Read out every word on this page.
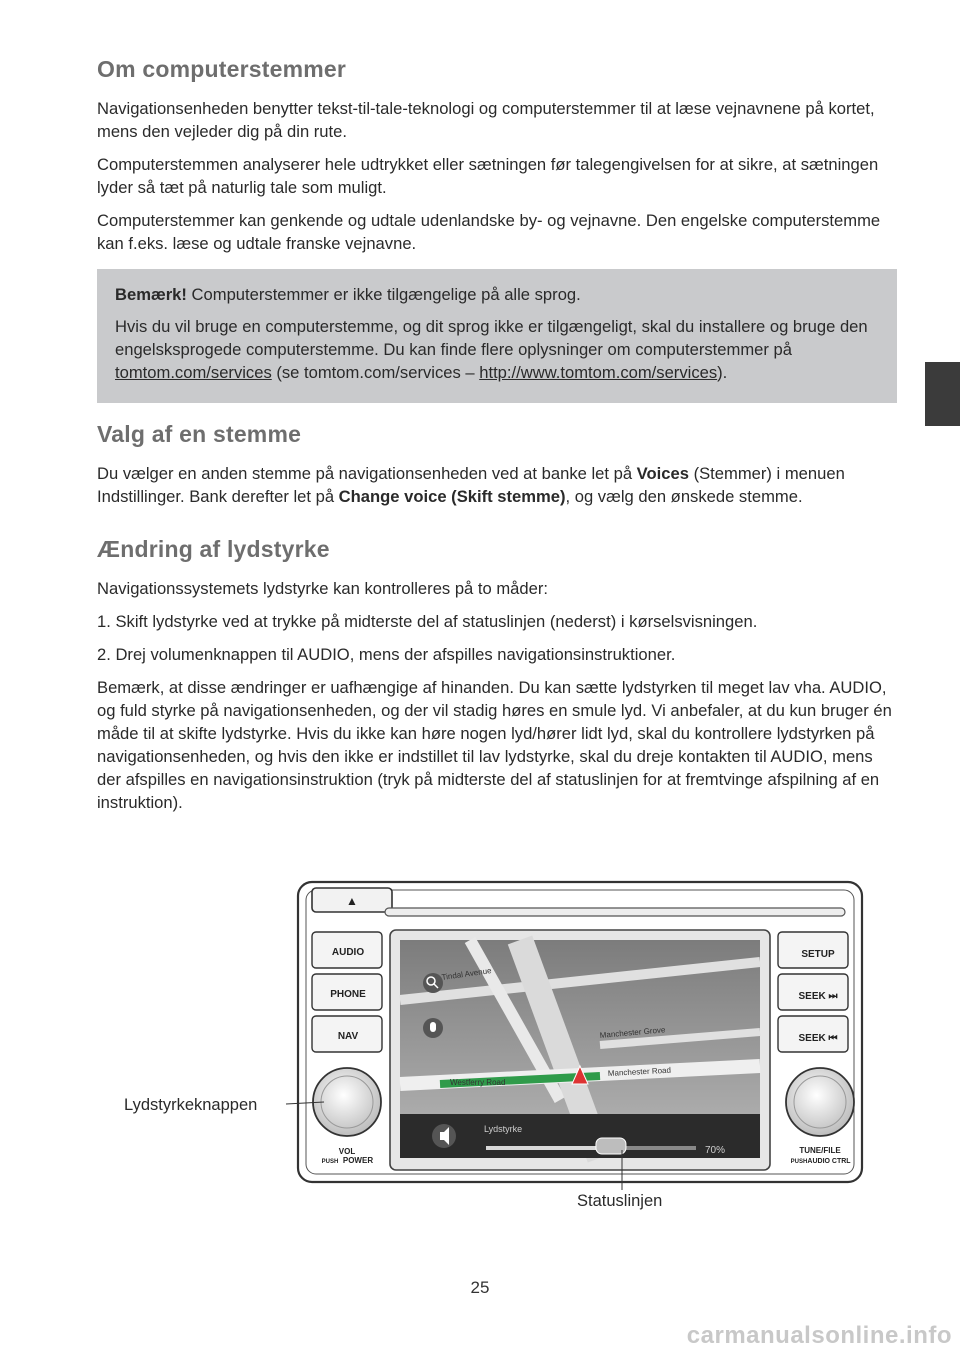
Om computerstemmer

Navigationsenheden benytter tekst-til-tale-teknologi og computerstemmer til at læse vejnavnene på kortet, mens den vejleder dig på din rute.

Computerstemmen analyserer hele udtrykket eller sætningen før talegengivelsen for at sikre, at sætningen lyder så tæt på naturlig tale som muligt.

Computerstemmer kan genkende og udtale udenlandske by- og vejnavne. Den engelske computerstemme kan f.eks. læse og udtale franske vejnavne.

Bemærk! Computerstemmer er ikke tilgængelige på alle sprog.

Hvis du vil bruge en computerstemme, og dit sprog ikke er tilgængeligt, skal du installere og bruge den engelsksprogede computerstemme. Du kan finde flere oplysninger om computerstemmer på tomtom.com/services (se tomtom.com/services – http://www.tomtom.com/services).

Valg af en stemme

Du vælger en anden stemme på navigationsenheden ved at banke let på Voices (Stemmer) i menuen Indstillinger. Bank derefter let på Change voice (Skift stemme), og vælg den ønskede stemme.

Ændring af lydstyrke

Navigationssystemets lydstyrke kan kontrolleres på to måder:

1. Skift lydstyrke ved at trykke på midterste del af statuslinjen (nederst) i kørselsvisningen.

2. Drej volumenknappen til AUDIO, mens der afspilles navigationsinstruktioner.

Bemærk, at disse ændringer er uafhængige af hinanden. Du kan sætte lydstyrken til meget lav vha. AUDIO, og fuld styrke på navigationsenheden, og der vil stadig høres en smule lyd. Vi anbefaler, at du kun bruger én måde til at skifte lydstyrke. Hvis du ikke kan høre nogen lyd/hører lidt lyd, skal du kontrollere lydstyrken på navigationsenheden, og hvis den ikke er indstillet til lav lydstyrke, skal du dreje kontakten til AUDIO, mens der afspilles en navigationsinstruktion (tryk på midterste del af statuslinjen for at fremtvinge afspilning af en instruktion).

▲
AUDIO
PHONE
NAV
SETUP
SEEK ⏭
SEEK ⏮
VOL
PUSH POWER
TUNE/FILE
PUSH AUDIO CTRL
Tindal Avenue
Manchester Grove
Westferry Road
Manchester Road
Lydstyrke
70%
Lydstyrkeknappen
Statuslinjen
25
carmanualsonline.info
